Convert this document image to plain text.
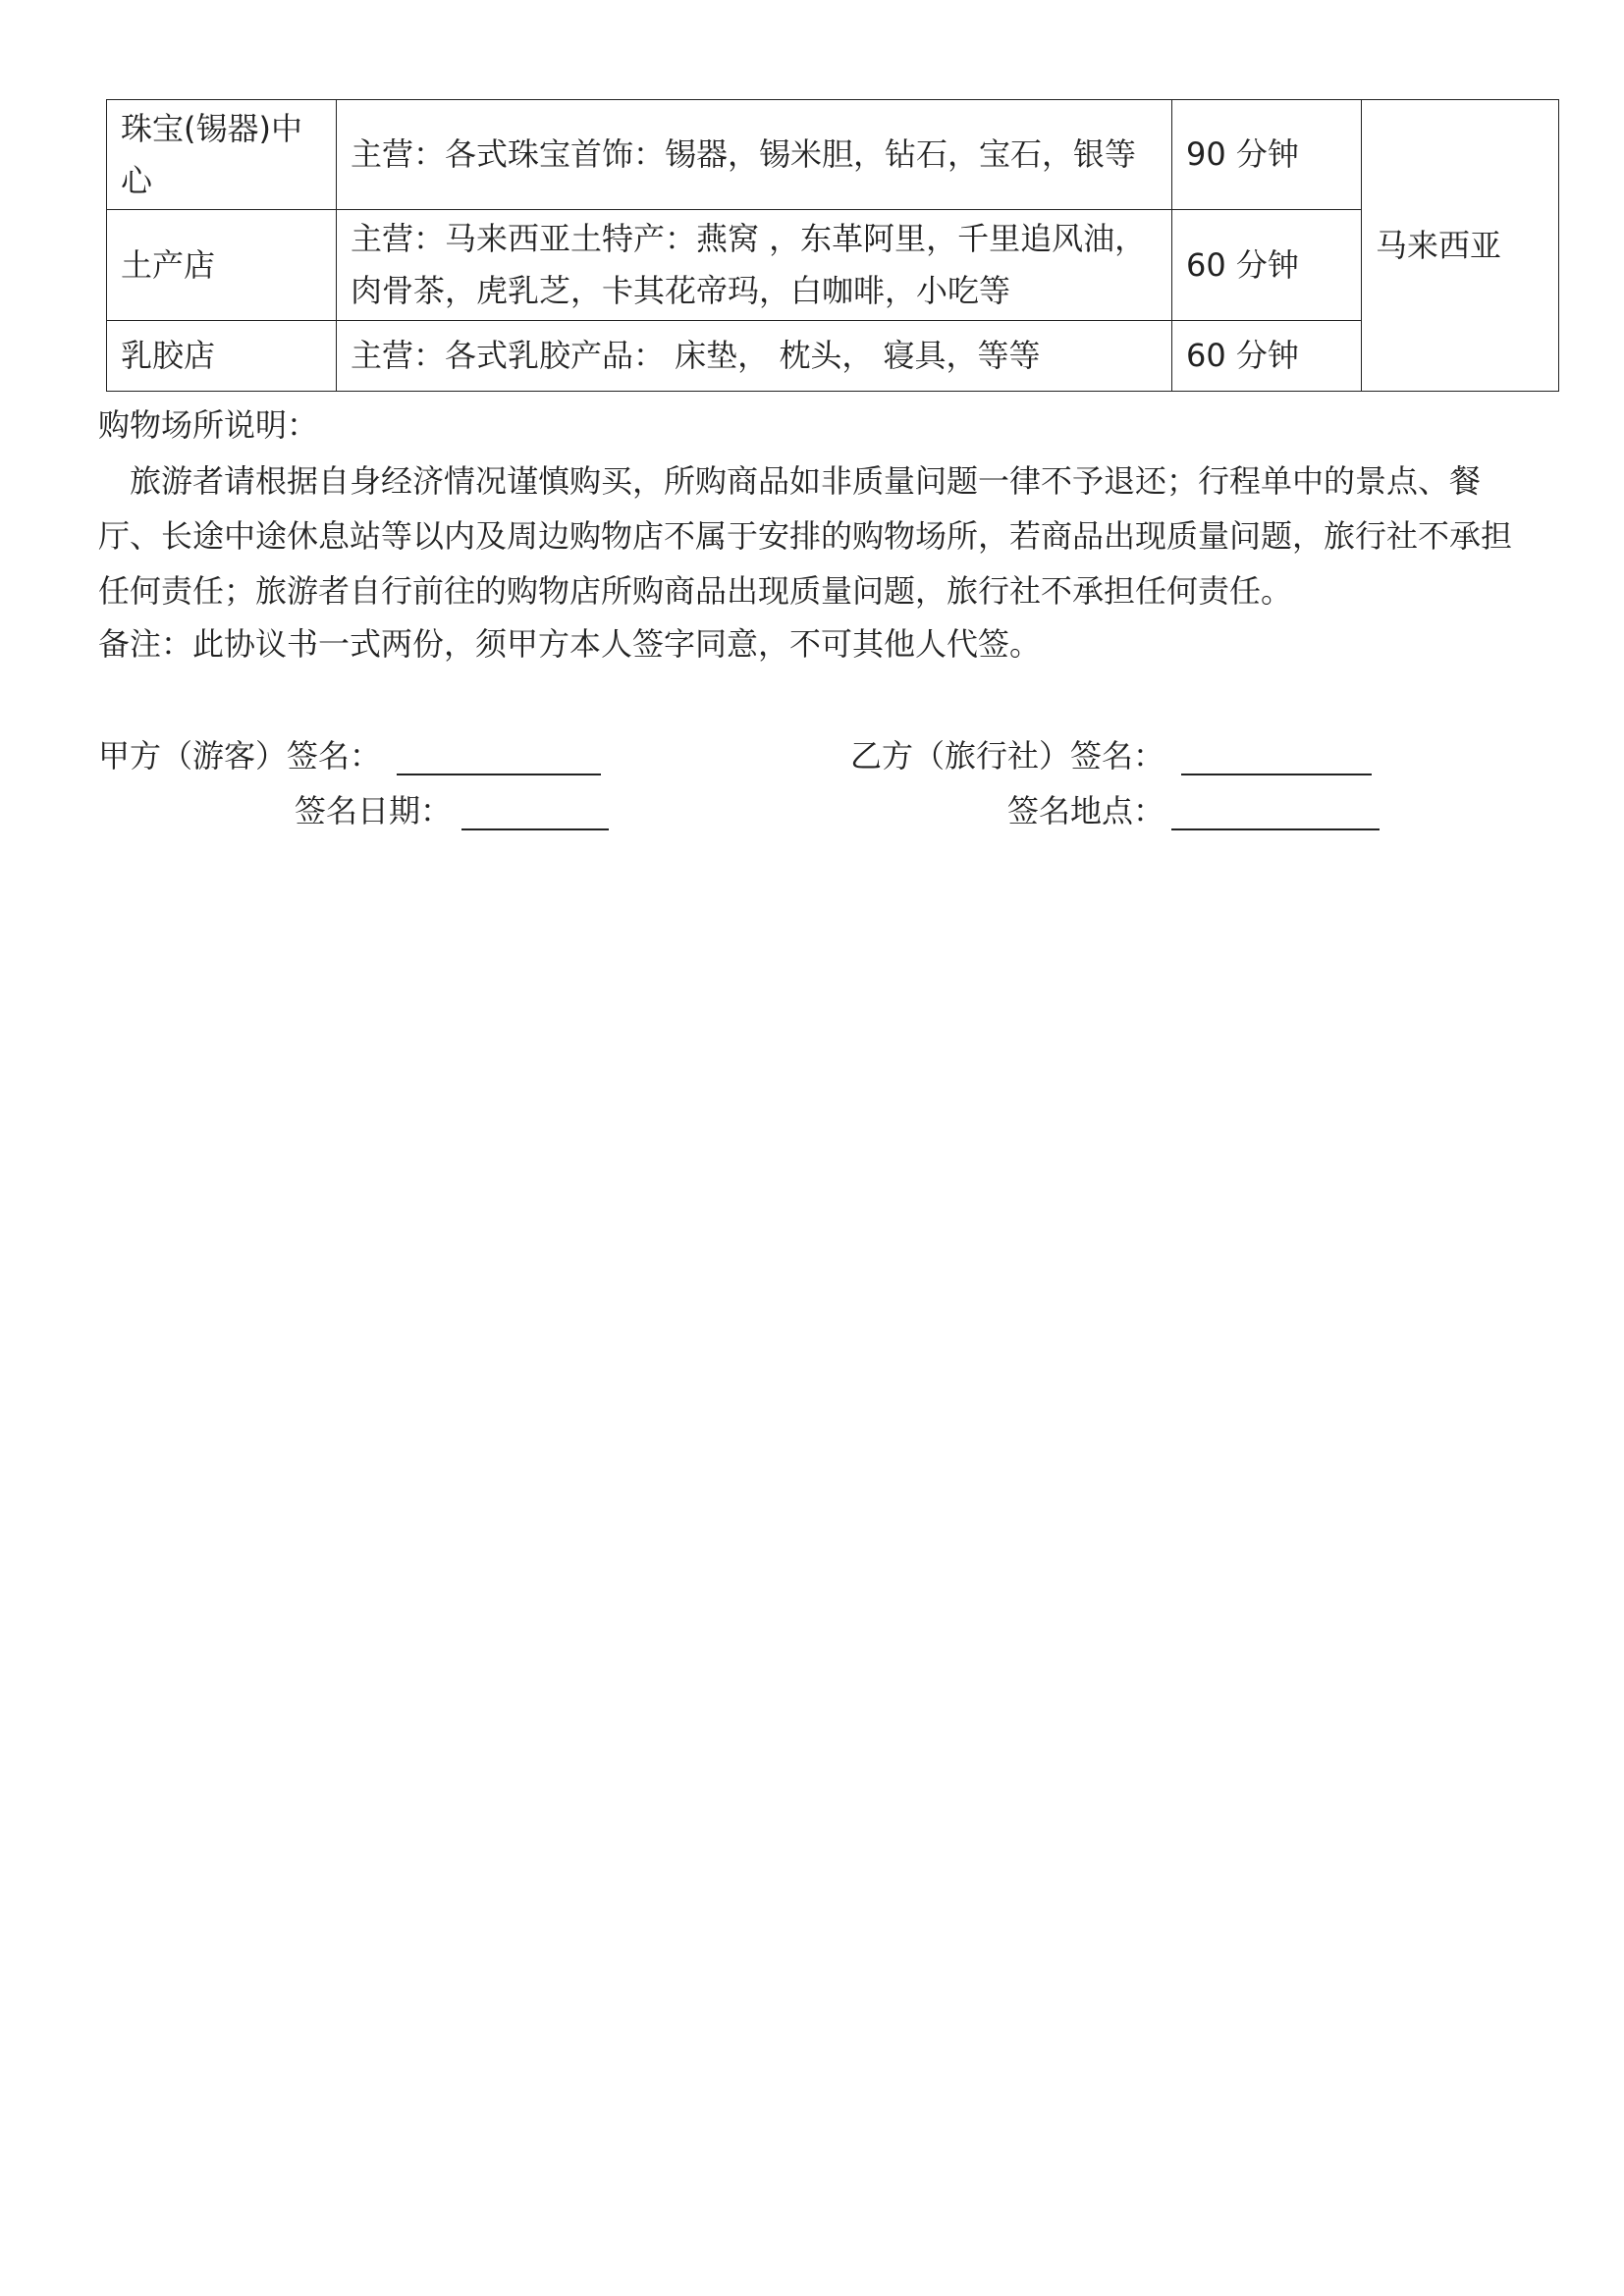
珠宝(锡器)中心	主营：各式珠宝首饰：锡器，锡米胆，钻石，宝石，银等	90 分钟	马来西亚
土产店	主营：马来西亚土特产：燕窝 ，东革阿里，千里追风油，肉骨茶，虎乳芝，卡其花帝玛，白咖啡，小吃等	60 分钟	
乳胶店	主营：各式乳胶产品： 床垫， 枕头， 寝具，等等	60 分钟	
购物场所说明：
旅游者请根据自身经济情况谨慎购买，所购商品如非质量问题一律不予退还；行程单中的景点、餐厅、长途中途休息站等以内及周边购物店不属于安排的购物场所，若商品出现质量问题，旅行社不承担任何责任；旅游者自行前往的购物店所购商品出现质量问题，旅行社不承担任何责任。
备注：此协议书一式两份，须甲方本人签字同意，不可其他人代签。
甲方（游客）签名：
签名日期：
乙方（旅行社）签名：
签名地点：
